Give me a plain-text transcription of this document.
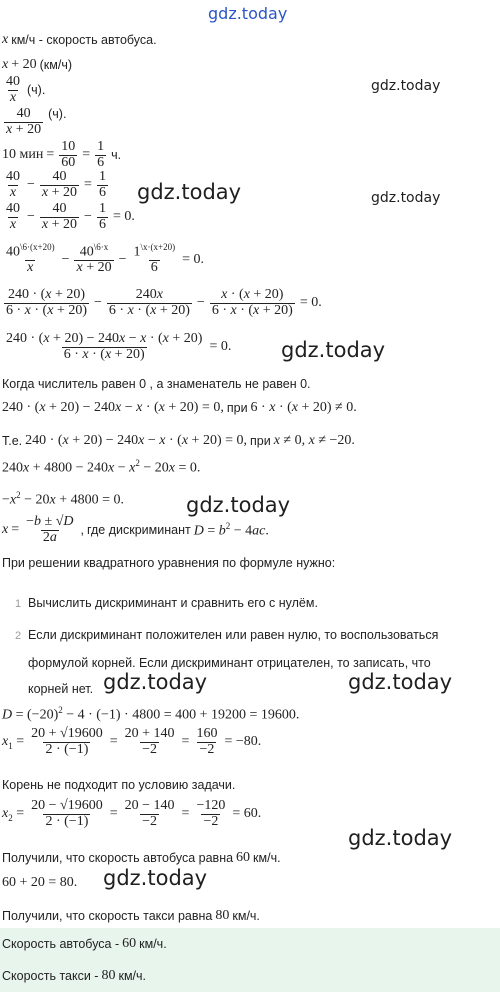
gdz.today
gdz.today
gdz.today	gdz.today
gdz.today
gdz.today
gdz.today	gdz.today
gdz.today
gdz.today
x км/ч - скорость автобуса.
x + 20 (км/ч)
$\frac{40}{x} (ч)$.
$\frac{40}{x + 20} (ч)$.
10 мин = $\frac{10}{60} = \frac{1}{6} ч$.
$\frac{40}{x} - \frac{40}{x + 20} = \frac{1}{6}$
$\frac{40}{x} - \frac{40}{x + 20} - \frac{1}{6} = 0$.
$\frac{40^{\backslash 6\cdot(x+20)}}{x} - \frac{40^{\backslash 6\cdot x}}{x + 20} - \frac{1^{\backslash x\cdot(x+20)}}{6} = 0$.
$\frac{240 \cdot (x + 20)}{6 \cdot x \cdot (x + 20)} - \frac{240x}{6 \cdot x \cdot (x + 20)} - \frac{x \cdot (x + 20)}{6 \cdot x \cdot (x + 20)} = 0$.
$\frac{240 \cdot (x + 20) - 240x - x \cdot (x + 20)}{6 \cdot x \cdot (x + 20)} = 0$.
Когда числитель равен 0 , а знаменатель не равен 0.
240 · (x + 20) − 240x − x · (x + 20) = 0, при 6 · x · (x + 20) ≠ 0.
Т.е. 240 · (x + 20) − 240x − x · (x + 20) = 0, при x ≠ 0, x ≠ −20.
$240x + 4800 - 240x - x^2 - 20x = 0$.
$-x^2 - 20x + 4800 = 0$.
$x = \frac{-b \pm √D}{2a}$ , где дискриминант $D = b^2 - 4ac$.
При решении квадратного уравнения по формуле нужно:
1 Вычислить дискриминант и сравнить его с нулём.
2 Если дискриминант положителен или равен нулю, то воспользоваться
формулой корней. Если дискриминант отрицателен, то записать, что
корней нет.
$D = (-20)^2 - 4 \cdot (-1) \cdot 4800 = 400 + 19200 = 19600$.
$x_1 = \frac{20 + √19600}{2 \cdot (-1)} = \frac{20 + 140}{-2} = \frac{160}{-2} = -80$.
Корень не подходит по условию задачи.
$x_2 = \frac{20 - √19600}{2 \cdot (-1)} = \frac{20 - 140}{-2} = \frac{-120}{-2} = 60$.
Получили, что скорость автобуса равна 60 км/ч.
60 + 20 = 80.
Получили, что скорость такси равна 80 км/ч.
Скорость автобуса - 60 км/ч.
Скорость такси - 80 км/ч.
